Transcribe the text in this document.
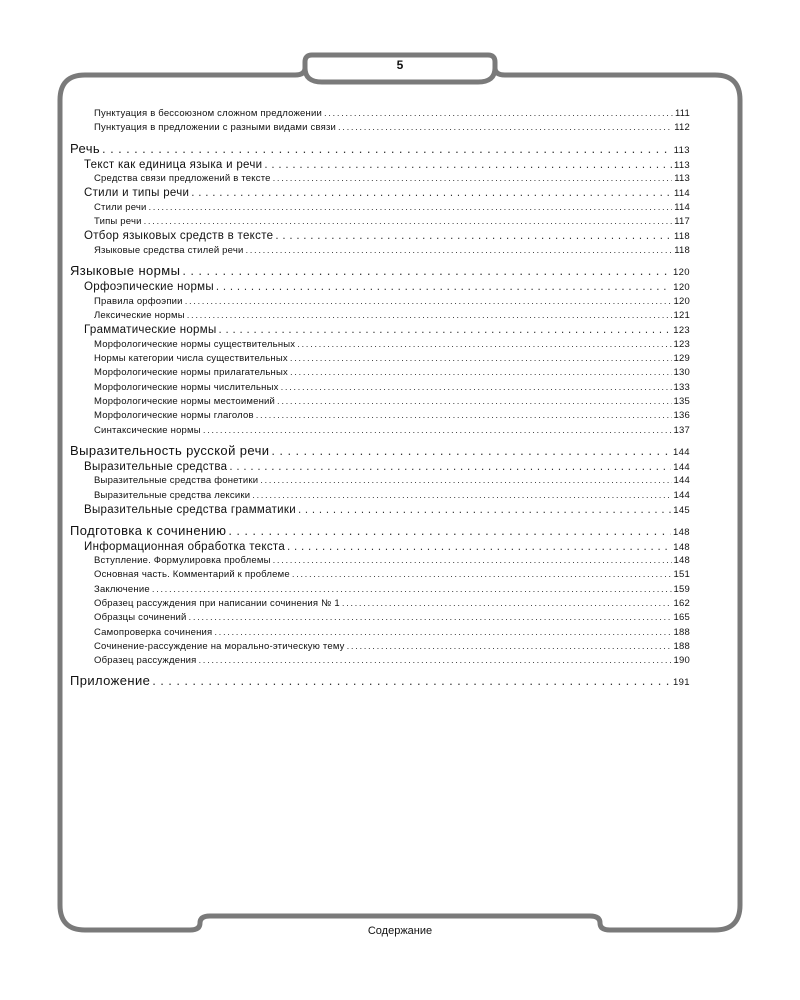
5
Пунктуация в бессоюзном сложном предложении . . .	111
Пунктуация в предложении с разными видами связи . . .	112
Речь . . .	113
Текст как единица языка и речи . . .	113
Средства связи предложений в тексте . . .	113
Стили и типы речи . . .	114
Стили речи . . .	114
Типы речи . . .	117
Отбор языковых средств в тексте . . .	118
Языковые средства стилей речи . . .	118
Языковые нормы . . .	120
Орфоэпические нормы . . .	120
Правила орфоэпии . . .	120
Лексические нормы . . .	121
Грамматические нормы . . .	123
Морфологические нормы существительных . . .	123
Нормы категории числа существительных . . .	129
Морфологические нормы прилагательных . . .	130
Морфологические нормы числительных . . .	133
Морфологические нормы местоимений . . .	135
Морфологические нормы глаголов . . .	136
Синтаксические нормы . . .	137
Выразительность русской речи . . .	144
Выразительные средства . . .	144
Выразительные средства фонетики . . .	144
Выразительные средства лексики . . .	144
Выразительные средства грамматики . . .	145
Подготовка к сочинению . . .	148
Информационная обработка текста . . .	148
Вступление. Формулировка проблемы . . .	148
Основная часть. Комментарий к проблеме . . .	151
Заключение . . .	159
Образец рассуждения при написании сочинения № 1 . . .	162
Образцы сочинений . . .	165
Самопроверка сочинения . . .	188
Сочинение-рассуждение на морально-этическую тему . . .	188
Образец рассуждения . . .	190
Приложение . . .	191
Содержание
